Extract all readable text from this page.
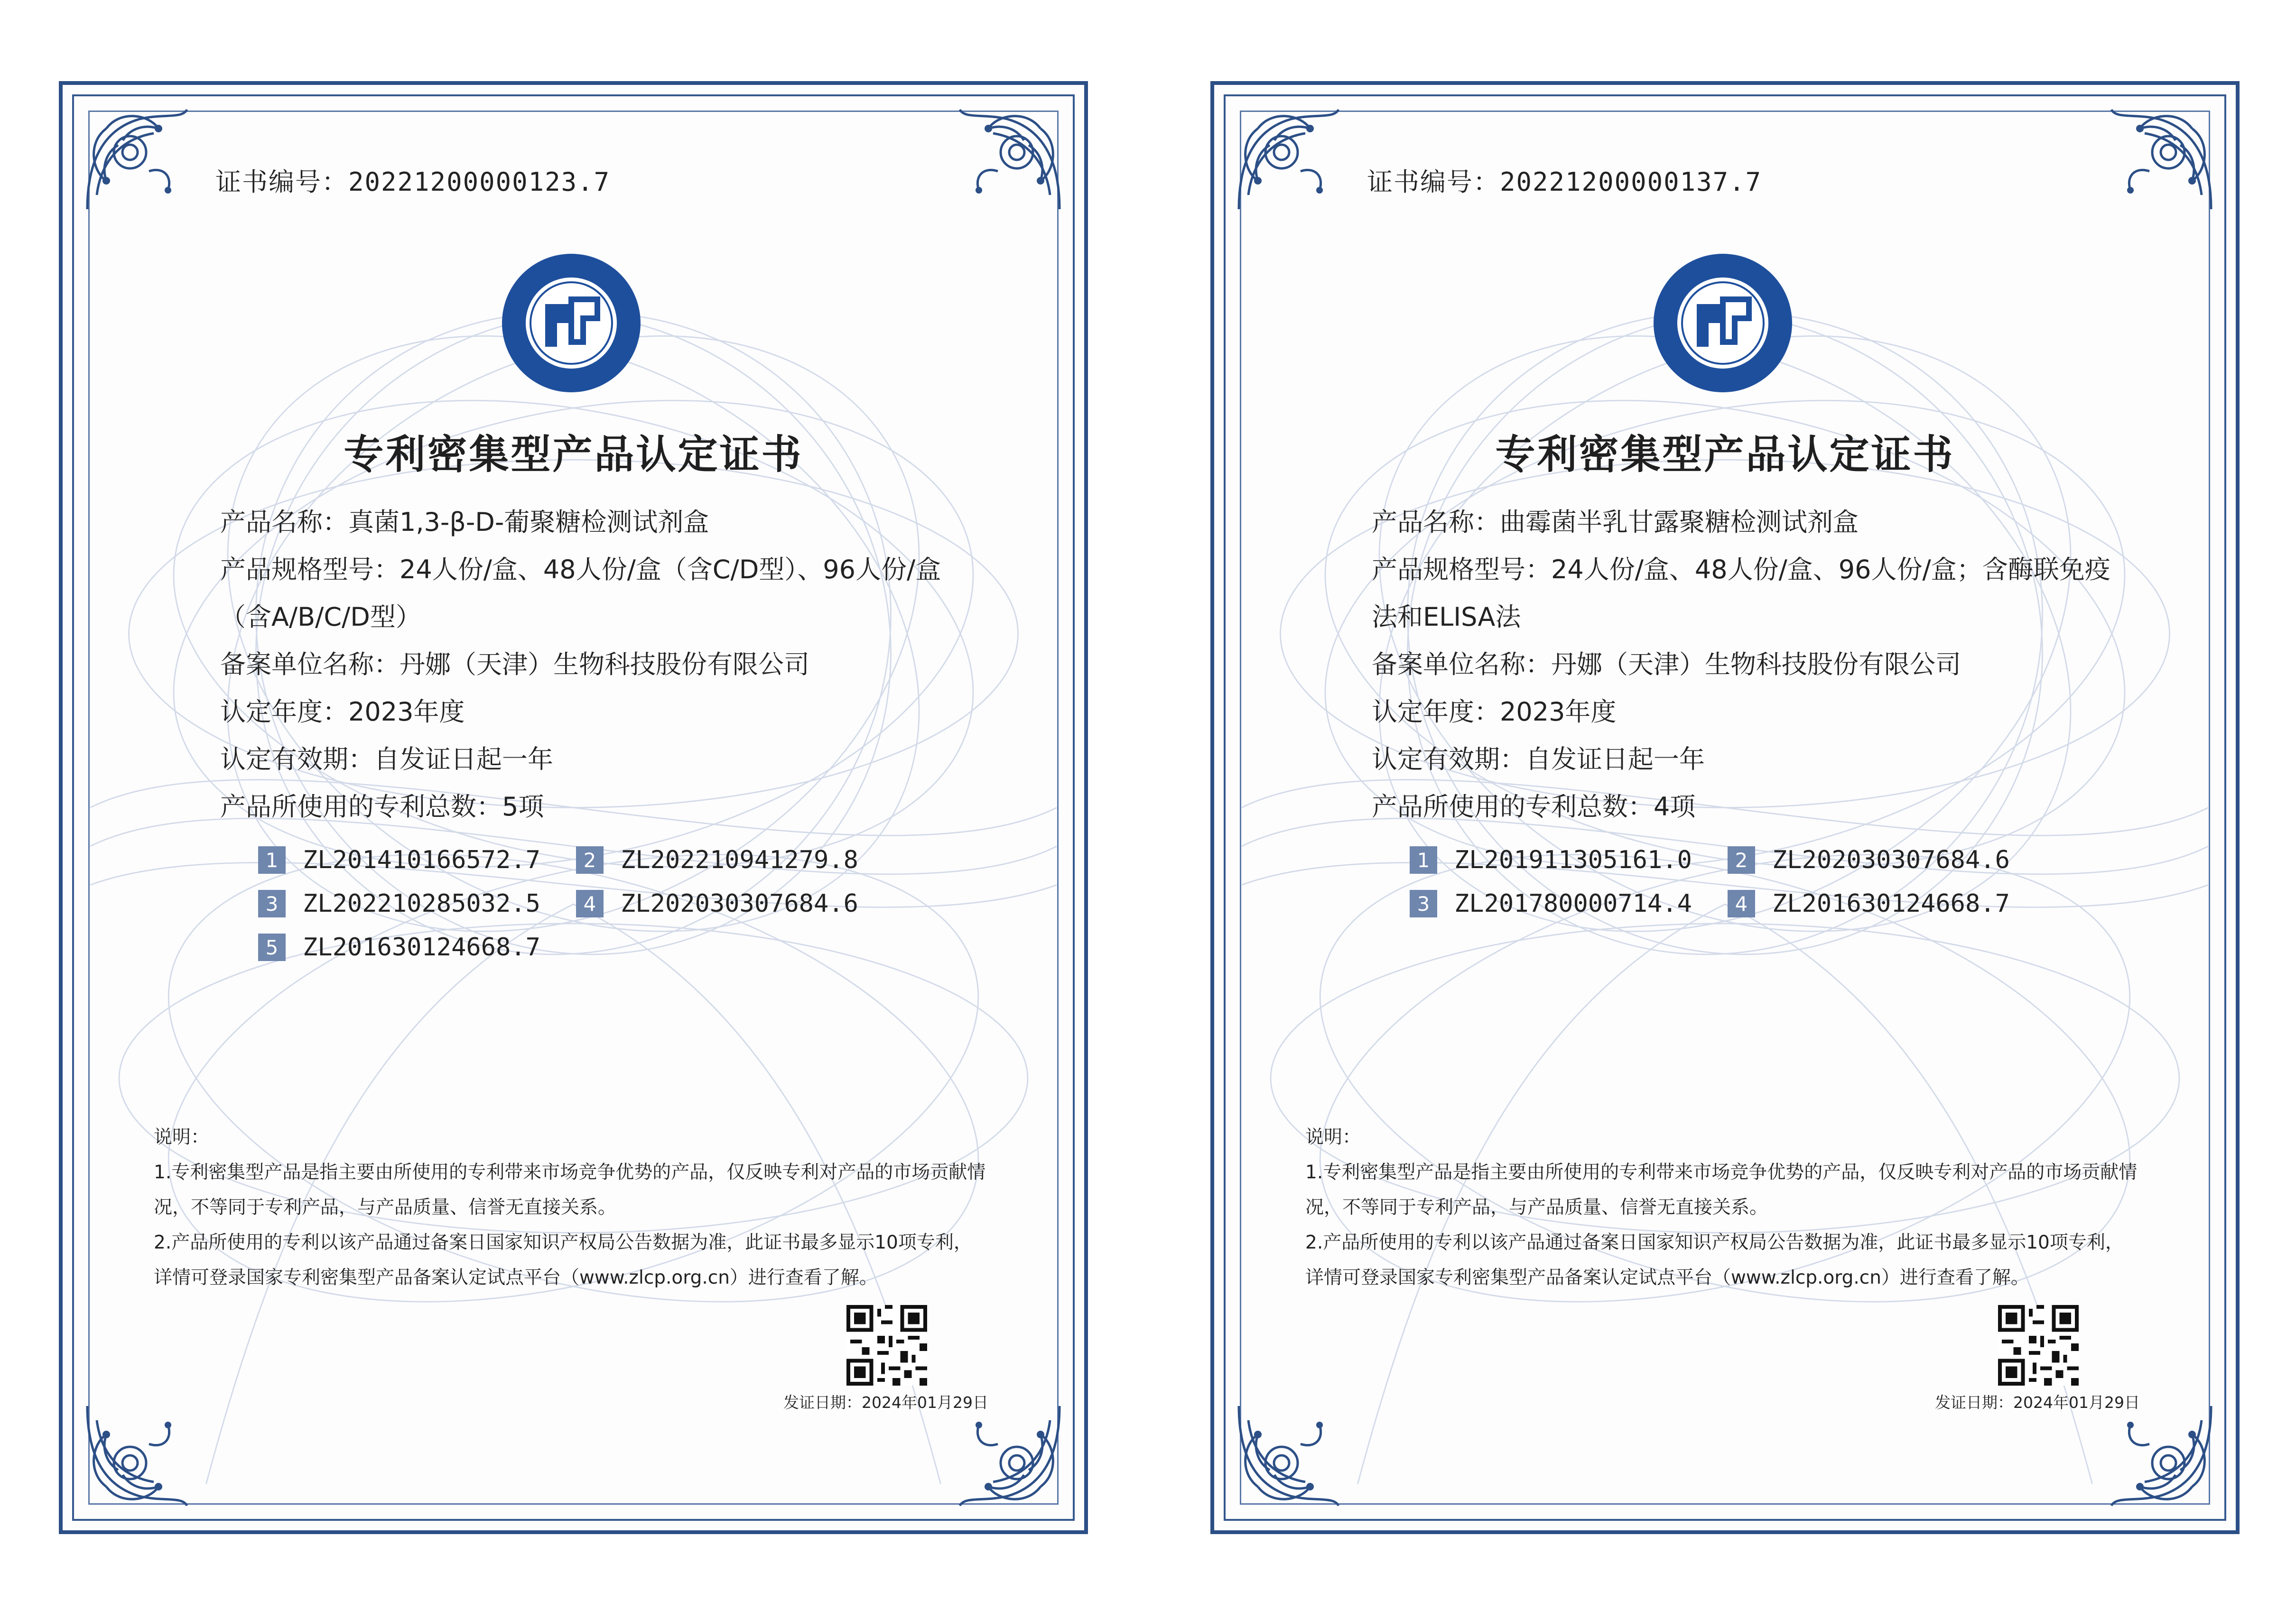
证书编号：20221200000123.7
专利密集型产品认定证书
产品名称：真菌1,3-β-D-葡聚糖检测试剂盒
产品规格型号：24人份/盒、48人份/盒（含C/D型）、96人份/盒（含A/B/C/D型）
备案单位名称：丹娜（天津）生物科技股份有限公司
认定年度：2023年度
认定有效期：自发证日起一年
产品所使用的专利总数：5项
1 ZL201410166572.7	2 ZL202210941279.8
3 ZL202210285032.5	4 ZL202030307684.6
5 ZL201630124668.7
说明：
1.专利密集型产品是指主要由所使用的专利带来市场竞争优势的产品，仅反映专利对产品的市场贡献情况，不等同于专利产品，与产品质量、信誉无直接关系。
2.产品所使用的专利以该产品通过备案日国家知识产权局公告数据为准，此证书最多显示10项专利，详情可登录国家专利密集型产品备案认定试点平台（www.zlcp.org.cn）进行查看了解。
发证日期：2024年01月29日
证书编号：20221200000137.7
专利密集型产品认定证书
产品名称：曲霉菌半乳甘露聚糖检测试剂盒
产品规格型号：24人份/盒、48人份/盒、96人份/盒；含酶联免疫法和ELISA法
备案单位名称：丹娜（天津）生物科技股份有限公司
认定年度：2023年度
认定有效期：自发证日起一年
产品所使用的专利总数：4项
1 ZL201911305161.0	2 ZL202030307684.6
3 ZL201780000714.4	4 ZL201630124668.7
说明：
1.专利密集型产品是指主要由所使用的专利带来市场竞争优势的产品，仅反映专利对产品的市场贡献情况，不等同于专利产品，与产品质量、信誉无直接关系。
2.产品所使用的专利以该产品通过备案日国家知识产权局公告数据为准，此证书最多显示10项专利，详情可登录国家专利密集型产品备案认定试点平台（www.zlcp.org.cn）进行查看了解。
发证日期：2024年01月29日
